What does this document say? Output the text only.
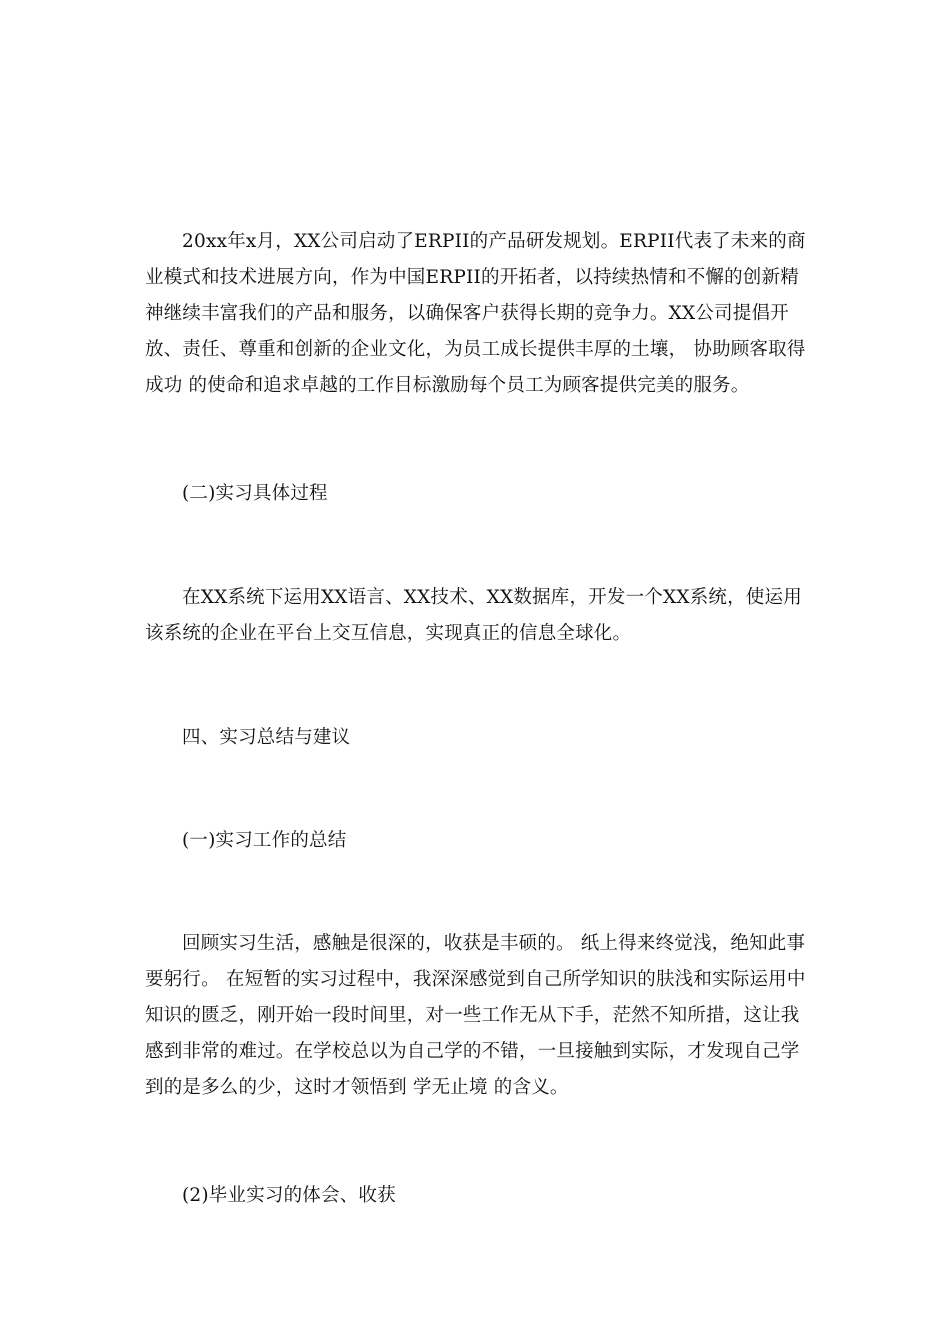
20xx年x月，XX公司启动了ERPII的产品研发规划。ERPII代表了未来的商业模式和技术进展方向，作为中国ERPII的开拓者，以持续热情和不懈的创新精神继续丰富我们的产品和服务，以确保客户获得长期的竞争力。XX公司提倡开放、责任、尊重和创新的企业文化，为员工成长提供丰厚的土壤， 协助顾客取得成功 的使命和追求卓越的工作目标激励每个员工为顾客提供完美的服务。

(二)实习具体过程

在XX系统下运用XX语言、XX技术、XX数据库，开发一个XX系统，使运用该系统的企业在平台上交互信息，实现真正的信息全球化。

四、实习总结与建议

(一)实习工作的总结

回顾实习生活，感触是很深的，收获是丰硕的。 纸上得来终觉浅，绝知此事要躬行。 在短暂的实习过程中，我深深感觉到自己所学知识的肤浅和实际运用中知识的匮乏，刚开始一段时间里，对一些工作无从下手，茫然不知所措，这让我感到非常的难过。在学校总以为自己学的不错，一旦接触到实际，才发现自己学到的是多么的少，这时才领悟到 学无止境 的含义。

(2)毕业实习的体会、收获
